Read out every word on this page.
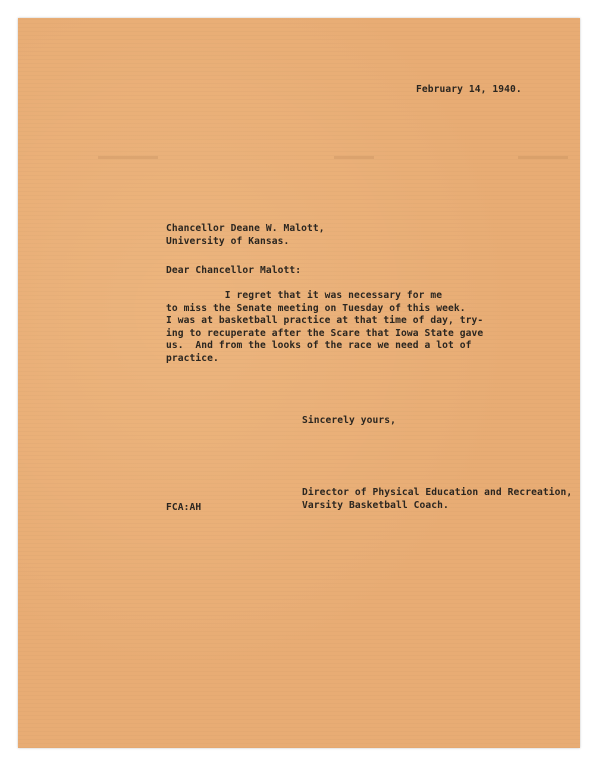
February 14, 1940.
Chancellor Deane W. Malott,
University of Kansas.
Dear Chancellor Malott:
I regret that it was necessary for me
to miss the Senate meeting on Tuesday of this week.
I was at basketball practice at that time of day, try-
ing to recuperate after the Scare that Iowa State gave
us.  And from the looks of the race we need a lot of
practice.
Sincerely yours,
Director of Physical Education and Recreation,
Varsity Basketball Coach.
FCA:AH
